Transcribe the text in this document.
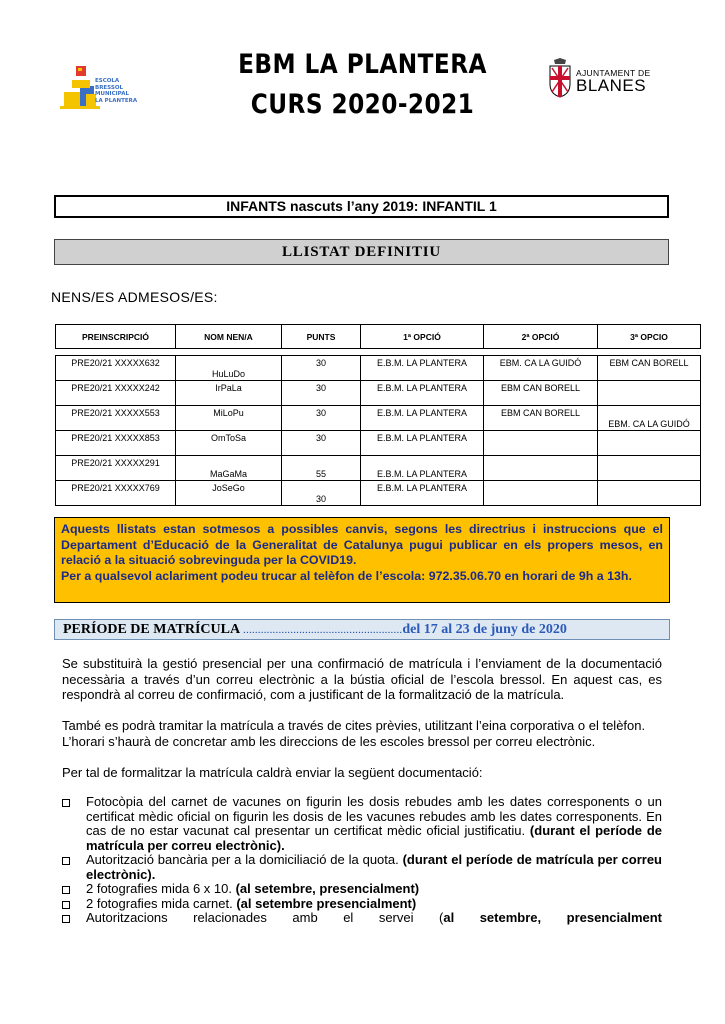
ESCOLA
BRESSOL
MUNICIPAL
LA PLANTERA
EBM LA PLANTERA
CURS 2020-2021
AJUNTAMENT DE
BLANES
INFANTS nascuts l’any 2019: INFANTIL 1
LLISTAT DEFINITIU
NENS/ES ADMESOS/ES:
PREINSCRIPCIÓ	NOM NEN/A	PUNTS	1ª OPCIÓ	2ª OPCIÓ	3ª OPCIO
PRE20/21 XXXXX632	HuLuDo	30	E.B.M. LA PLANTERA	EBM. CA LA GUIDÓ	EBM CAN BORELL
PRE20/21 XXXXX242	IrPaLa	30	E.B.M. LA PLANTERA	EBM CAN BORELL	
PRE20/21 XXXXX553	MiLoPu	30	E.B.M. LA PLANTERA	EBM CAN BORELL	EBM. CA LA GUIDÓ
PRE20/21 XXXXX853	OmToSa	30	E.B.M. LA PLANTERA		
PRE20/21 XXXXX291	MaGaMa	55	E.B.M. LA PLANTERA		
PRE20/21 XXXXX769	JoSeGo	30	E.B.M. LA PLANTERA		

Aquests llistats estan sotmesos a possibles canvis, segons les directrius i instruccions que el Departament d’Educació de la Generalitat de Catalunya pugui publicar en els propers mesos, en relació a la situació sobrevinguda per la COVID19.

Per a qualsevol aclariment podeu trucar al telèfon de l’escola: 972.35.06.70 en horari de 9h a 13h.

PERÍODE DE MATRÍCULA ......................................................del 17 al 23 de juny de 2020
Se substituirà la gestió presencial per una confirmació de matrícula i l’enviament de la documentació necessària a través d’un correu electrònic a la bústia oficial de l’escola bressol. En aquest cas, es respondrà al correu de confirmació, com a justificant de la formalització de la matrícula.
També es podrà tramitar la matrícula a través de cites prèvies, utilitzant l’eina corporativa o el telèfon. L’horari s’haurà de concretar amb les direccions de les escoles bressol per correu electrònic.
Per tal de formalitzar la matrícula caldrà enviar la següent documentació:
Fotocòpia del carnet de vacunes on figurin les dosis rebudes amb les dates corresponents o un certificat mèdic oficial on figurin les dosis de les vacunes rebudes amb les dates corresponents. En cas de no estar vacunat cal presentar un certificat mèdic oficial justificatiu. (durant el període de matrícula per correu electrònic).
Autorització bancària per a la domiciliació de la quota. (durant el període de matrícula per correu electrònic).
2 fotografies mida 6 x 10. (al setembre, presencialment)
2 fotografies mida carnet. (al setembre presencialment)
Autoritzacions relacionades amb el servei (al setembre, presencialment
